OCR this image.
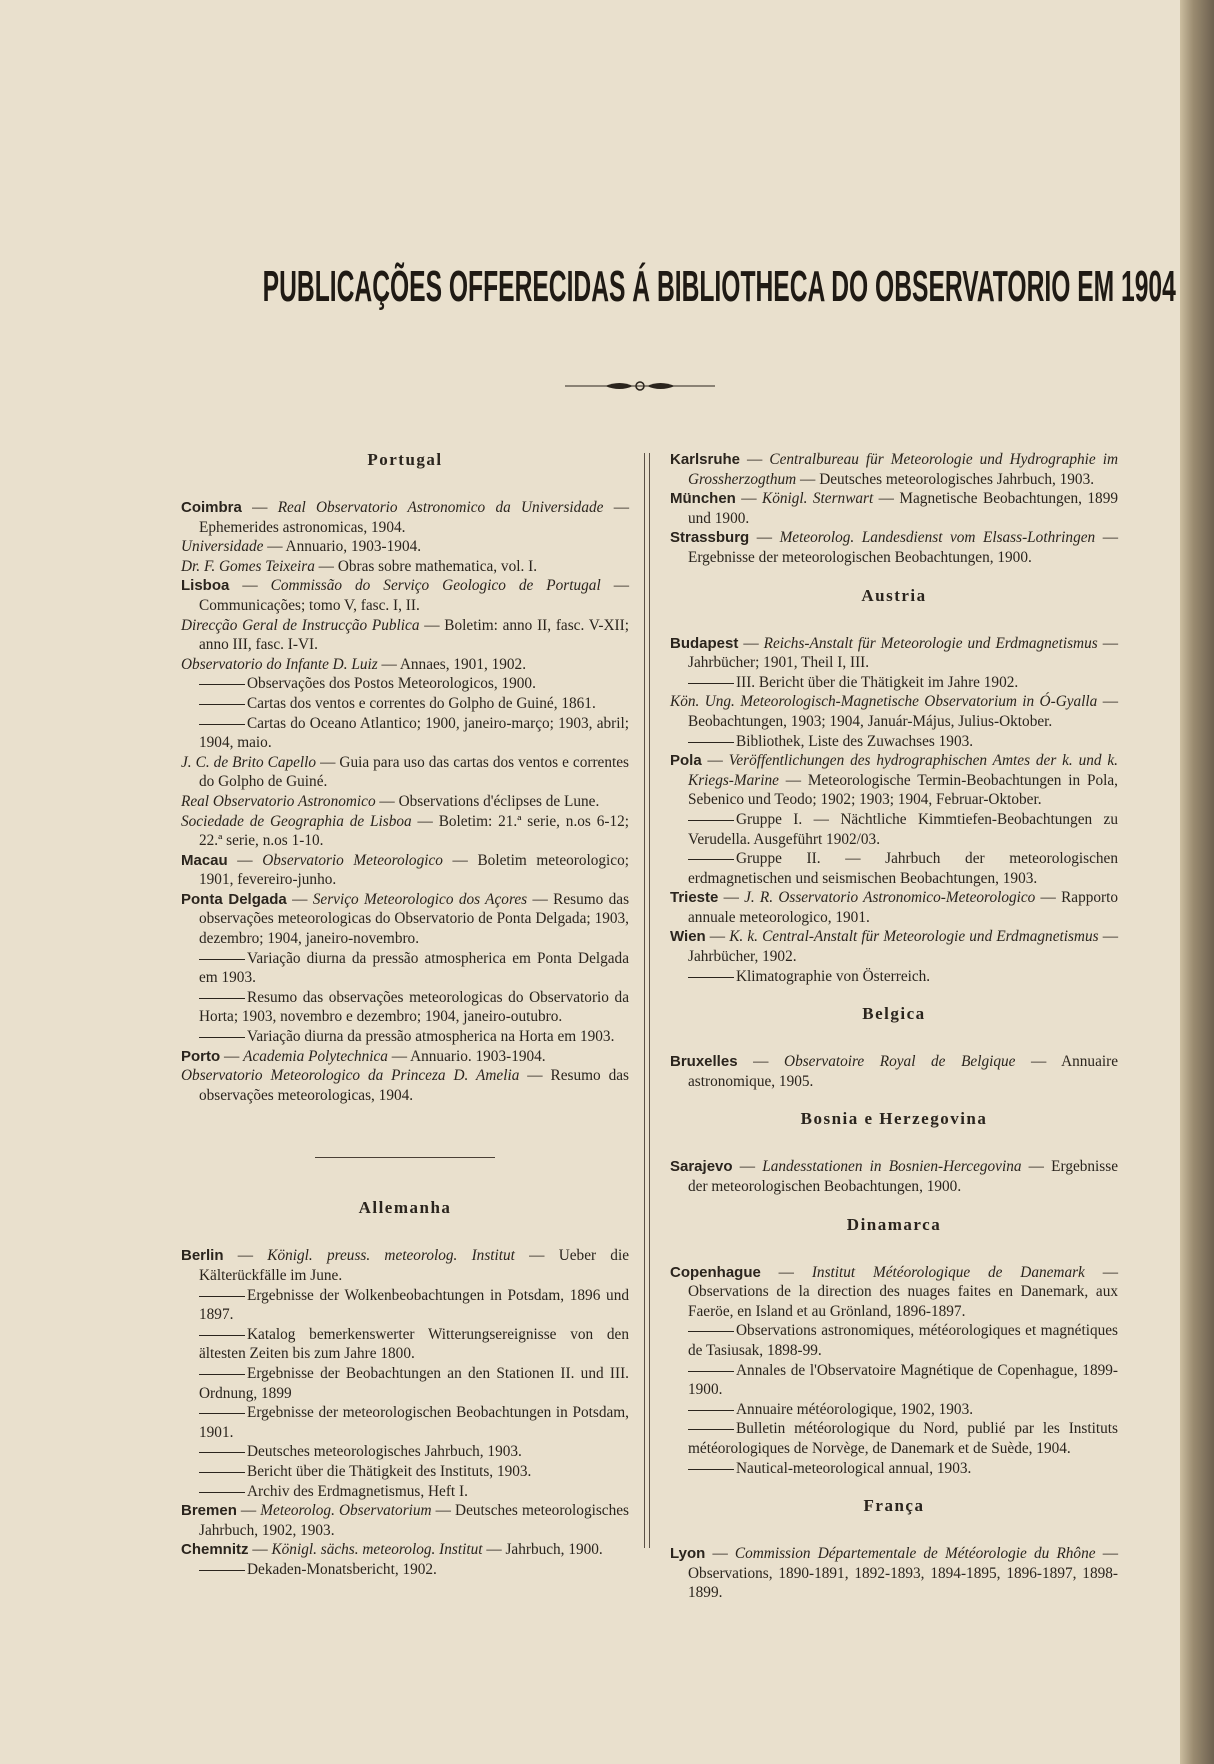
PUBLICAÇÕES OFFERECIDAS Á BIBLIOTHECA DO OBSERVATORIO EM 1904
Portugal

Coimbra — Real Observatorio Astronomico da Universidade —Ephemerides astronomicas, 1904.

Universidade — Annuario, 1903-1904.

Dr. F. Gomes Teixeira — Obras sobre mathematica, vol. I.

Lisboa — Commissão do Serviço Geologico de Portugal — Communicações; tomo V, fasc. I, II.

Direcção Geral de Instrucção Publica — Boletim: anno II, fasc. V-XII; anno III, fasc. I-VI.

Observatorio do Infante D. Luiz — Annaes, 1901, 1902.

Observações dos Postos Meteorologicos, 1900.

Cartas dos ventos e correntes do Golpho de Guiné, 1861.

Cartas do Oceano Atlantico; 1900, janeiro-março; 1903, abril; 1904, maio.

J. C. de Brito Capello — Guia para uso das cartas dos ventos e correntes do Golpho de Guiné.

Real Observatorio Astronomico — Observations d'éclipses de Lune.

Sociedade de Geographia de Lisboa — Boletim: 21.ª serie, n.os 6-12; 22.ª serie, n.os 1-10.

Macau — Observatorio Meteorologico — Boletim meteorologico; 1901, fevereiro-junho.

Ponta Delgada — Serviço Meteorologico dos Açores — Resumo das observações meteorologicas do Observatorio de Ponta Delgada; 1903, dezembro; 1904, janeiro-novembro.

Variação diurna da pressão atmospherica em Ponta Delgada em 1903.

Resumo das observações meteorologicas do Observatorio da Horta; 1903, novembro e dezembro; 1904, janeiro-outubro.

Variação diurna da pressão atmospherica na Horta em 1903.

Porto — Academia Polytechnica — Annuario. 1903-1904.

Observatorio Meteorologico da Princeza D. Amelia — Resumo das observações meteorologicas, 1904.

Allemanha

Berlin — Königl. preuss. meteorolog. Institut — Ueber die Kälterückfälle im June.

Ergebnisse der Wolkenbeobachtungen in Potsdam, 1896 und 1897.

Katalog bemerkenswerter Witterungsereignisse von den ältesten Zeiten bis zum Jahre 1800.

Ergebnisse der Beobachtungen an den Stationen II. und III. Ordnung, 1899

Ergebnisse der meteorologischen Beobachtungen in Potsdam, 1901.

Deutsches meteorologisches Jahrbuch, 1903.

Bericht über die Thätigkeit des Instituts, 1903.

Archiv des Erdmagnetismus, Heft I.

Bremen — Meteorolog. Observatorium — Deutsches meteorologisches Jahrbuch, 1902, 1903.

Chemnitz — Königl. sächs. meteorolog. Institut — Jahrbuch, 1900.

Dekaden-Monatsbericht, 1902.

Karlsruhe — Centralbureau für Meteorologie und Hydrographie im Grossherzogthum — Deutsches meteorologisches Jahrbuch, 1903.

München — Königl. Sternwart — Magnetische Beobachtungen, 1899 und 1900.

Strassburg — Meteorolog. Landesdienst vom Elsass-Lothringen — Ergebnisse der meteorologischen Beobachtungen, 1900.

Austria

Budapest — Reichs-Anstalt für Meteorologie und Erdmagnetismus — Jahrbücher; 1901, Theil I, III.

III. Bericht über die Thätigkeit im Jahre 1902.

Kön. Ung. Meteorologisch-Magnetische Observatorium in Ó-Gyalla — Beobachtungen, 1903; 1904, Január-Május, Julius-Oktober.

Bibliothek, Liste des Zuwachses 1903.

Pola — Veröffentlichungen des hydrographischen Amtes der k. und k. Kriegs-Marine — Meteorologische Termin-Beobachtungen in Pola, Sebenico und Teodo; 1902; 1903; 1904, Februar-Oktober.

Gruppe I. — Nächtliche Kimmtiefen-Beobachtungen zu Verudella. Ausgeführt 1902/03.

Gruppe II. — Jahrbuch der meteorologischen erdmagnetischen und seismischen Beobachtungen, 1903.

Trieste — J. R. Osservatorio Astronomico-Meteorologico — Rapporto annuale meteorologico, 1901.

Wien — K. k. Central-Anstalt für Meteorologie und Erdmagnetismus — Jahrbücher, 1902.

Klimatographie von Österreich.

Belgica

Bruxelles — Observatoire Royal de Belgique — Annuaire astronomique, 1905.

Bosnia e Herzegovina

Sarajevo — Landesstationen in Bosnien-Hercegovina — Ergebnisse der meteorologischen Beobachtungen, 1900.

Dinamarca

Copenhague — Institut Météorologique de Danemark — Observations de la direction des nuages faites en Danemark, aux Faeröe, en Island et au Grönland, 1896-1897.

Observations astronomiques, météorologiques et magnétiques de Tasiusak, 1898-99.

Annales de l'Observatoire Magnétique de Copenhague, 1899-1900.

Annuaire météorologique, 1902, 1903.

Bulletin météorologique du Nord, publié par les Instituts météorologiques de Norvège, de Danemark et de Suède, 1904.

Nautical-meteorological annual, 1903.

França

Lyon — Commission Départementale de Météorologie du Rhône — Observations, 1890-1891, 1892-1893, 1894-1895, 1896-1897, 1898-1899.
